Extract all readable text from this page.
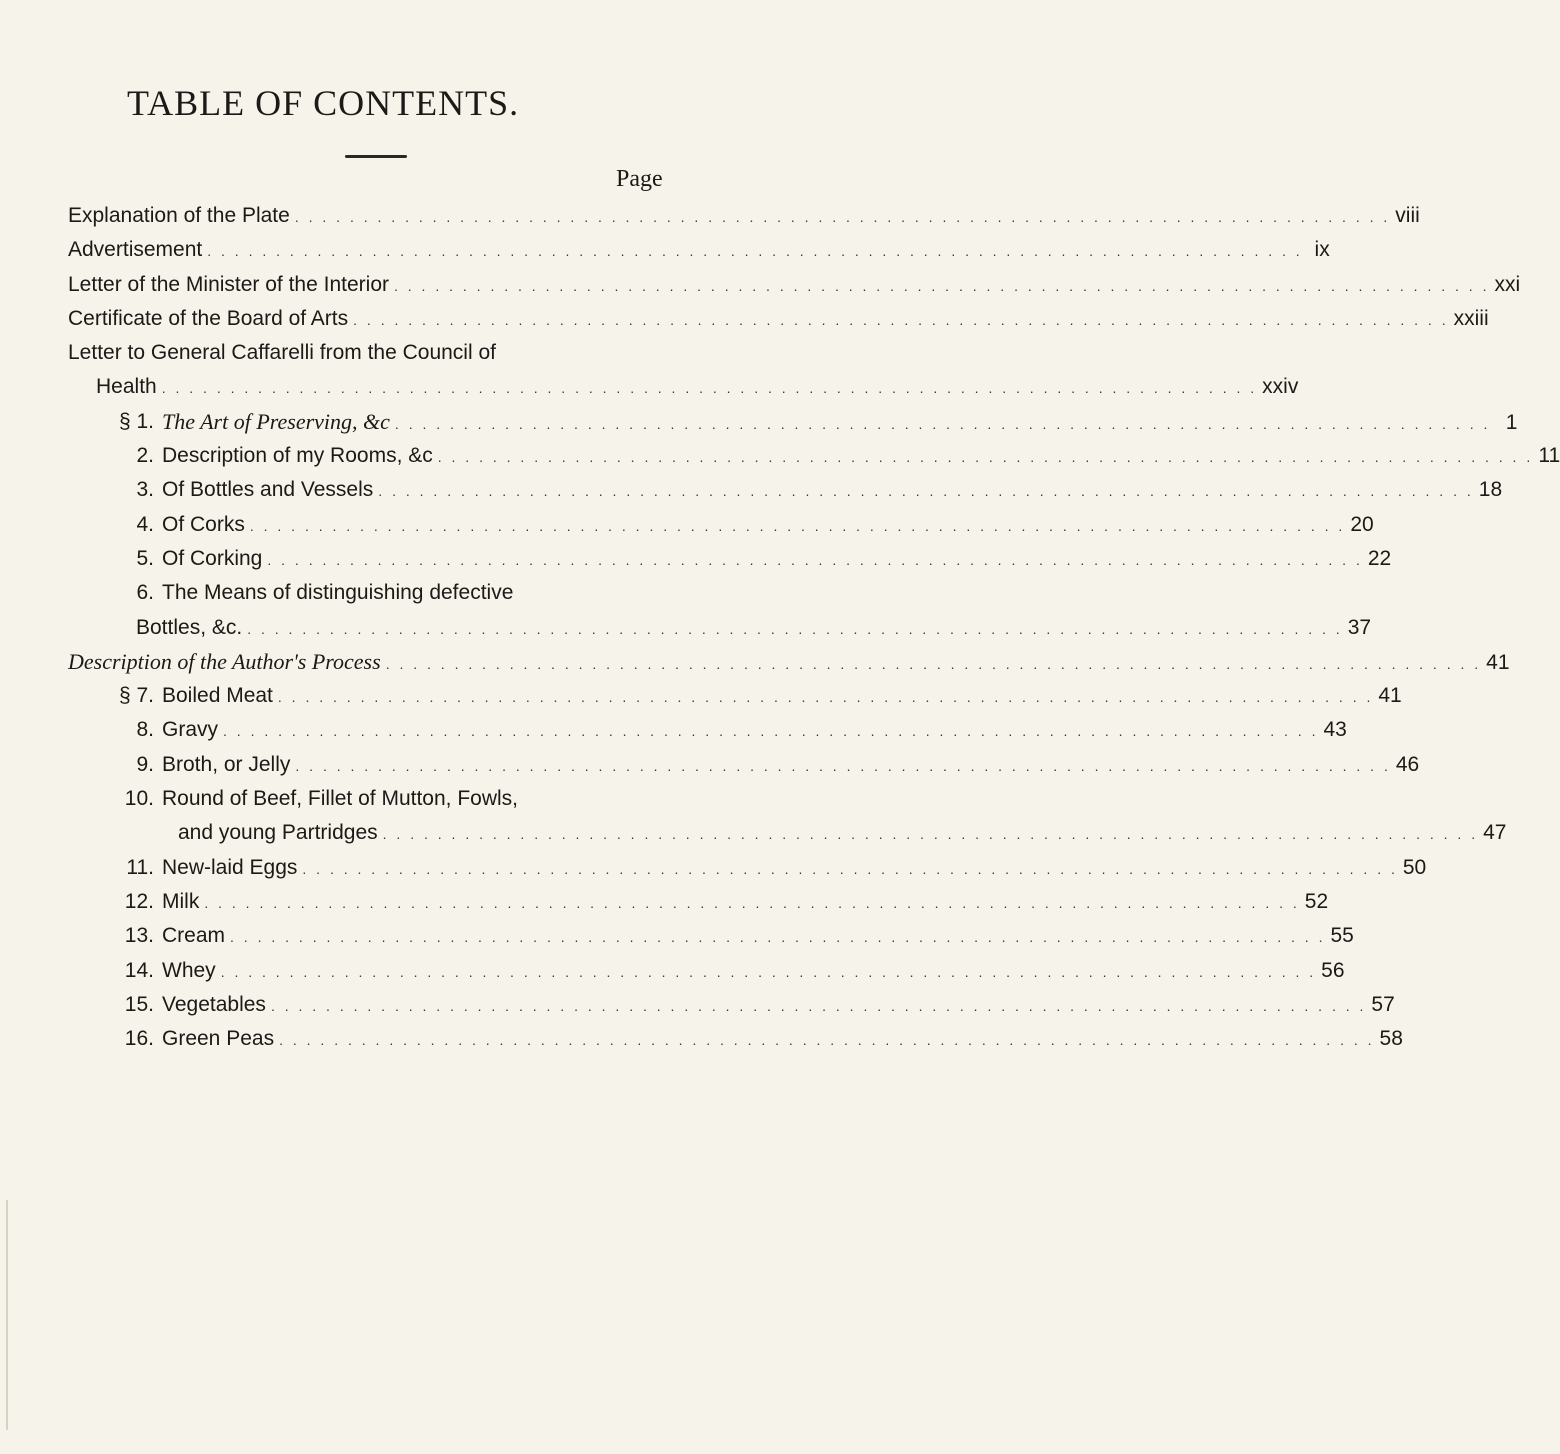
TABLE OF CONTENTS.
Page
Explanation of the Plate . . . . . . . . . . . . . . . . . . . . . . . . . . . . . . . . . . . . . . . . . . . . . . . . . . . . . . . . . . . . . . . . . . . . . . . . . . . . . . . . viii
Advertisement . . . . . . . . . . . . . . . . . . . . . . . . . . . . . . . . . . . . . . . . . . . . . . . . . . . . . . . . . . . . . . . . . . . . . . . . . . . . . . . . ix
Letter of the Minister of the Interior . . . . . . . . . . . . . . . . . . . . . . . . . . . . . . . . . . . . . . . . . . . . . . . . . . . . . . . . . . . . . . . . . . . . . . . . . . . . . . . . xxi
Certificate of the Board of Arts . . . . . . . . . . . . . . . . . . . . . . . . . . . . . . . . . . . . . . . . . . . . . . . . . . . . . . . . . . . . . . . . . . . . . . . . . . . . . . . . xxiii
Letter to General Caffarelli from the Council of
Health . . . . . . . . . . . . . . . . . . . . . . . . . . . . . . . . . . . . . . . . . . . . . . . . . . . . . . . . . . . . . . . . . . . . . . . . . . . . . . . . xxiv
§ 1. The Art of Preserving, &c . . . . . . . . . . . . . . . . . . . . . . . . . . . . . . . . . . . . . . . . . . . . . . . . . . . . . . . . . . . . . . . . . . . . . . . . . . . . . . . . 1
2. Description of my Rooms, &c . . . . . . . . . . . . . . . . . . . . . . . . . . . . . . . . . . . . . . . . . . . . . . . . . . . . . . . . . . . . . . . . . . . . . . . . . . . . . . . . 11
3. Of Bottles and Vessels . . . . . . . . . . . . . . . . . . . . . . . . . . . . . . . . . . . . . . . . . . . . . . . . . . . . . . . . . . . . . . . . . . . . . . . . . . . . . . . . 18
4. Of Corks . . . . . . . . . . . . . . . . . . . . . . . . . . . . . . . . . . . . . . . . . . . . . . . . . . . . . . . . . . . . . . . . . . . . . . . . . . . . . . . . 20
5. Of Corking . . . . . . . . . . . . . . . . . . . . . . . . . . . . . . . . . . . . . . . . . . . . . . . . . . . . . . . . . . . . . . . . . . . . . . . . . . . . . . . . 22
6. The Means of distinguishing defective
Bottles, &c. . . . . . . . . . . . . . . . . . . . . . . . . . . . . . . . . . . . . . . . . . . . . . . . . . . . . . . . . . . . . . . . . . . . . . . . . . . . . . . . . 37
Description of the Author's Process . . . . . . . . . . . . . . . . . . . . . . . . . . . . . . . . . . . . . . . . . . . . . . . . . . . . . . . . . . . . . . . . . . . . . . . . . . . . . . . . 41
§ 7. Boiled Meat . . . . . . . . . . . . . . . . . . . . . . . . . . . . . . . . . . . . . . . . . . . . . . . . . . . . . . . . . . . . . . . . . . . . . . . . . . . . . . . . 41
8. Gravy . . . . . . . . . . . . . . . . . . . . . . . . . . . . . . . . . . . . . . . . . . . . . . . . . . . . . . . . . . . . . . . . . . . . . . . . . . . . . . . . 43
9. Broth, or Jelly . . . . . . . . . . . . . . . . . . . . . . . . . . . . . . . . . . . . . . . . . . . . . . . . . . . . . . . . . . . . . . . . . . . . . . . . . . . . . . . . 46
10. Round of Beef, Fillet of Mutton, Fowls,
and young Partridges . . . . . . . . . . . . . . . . . . . . . . . . . . . . . . . . . . . . . . . . . . . . . . . . . . . . . . . . . . . . . . . . . . . . . . . . . . . . . . . . 47
11. New-laid Eggs . . . . . . . . . . . . . . . . . . . . . . . . . . . . . . . . . . . . . . . . . . . . . . . . . . . . . . . . . . . . . . . . . . . . . . . . . . . . . . . . 50
12. Milk . . . . . . . . . . . . . . . . . . . . . . . . . . . . . . . . . . . . . . . . . . . . . . . . . . . . . . . . . . . . . . . . . . . . . . . . . . . . . . . . 52
13. Cream . . . . . . . . . . . . . . . . . . . . . . . . . . . . . . . . . . . . . . . . . . . . . . . . . . . . . . . . . . . . . . . . . . . . . . . . . . . . . . . . 55
14. Whey . . . . . . . . . . . . . . . . . . . . . . . . . . . . . . . . . . . . . . . . . . . . . . . . . . . . . . . . . . . . . . . . . . . . . . . . . . . . . . . . 56
15. Vegetables . . . . . . . . . . . . . . . . . . . . . . . . . . . . . . . . . . . . . . . . . . . . . . . . . . . . . . . . . . . . . . . . . . . . . . . . . . . . . . . . 57
16. Green Peas . . . . . . . . . . . . . . . . . . . . . . . . . . . . . . . . . . . . . . . . . . . . . . . . . . . . . . . . . . . . . . . . . . . . . . . . . . . . . . . . 58
